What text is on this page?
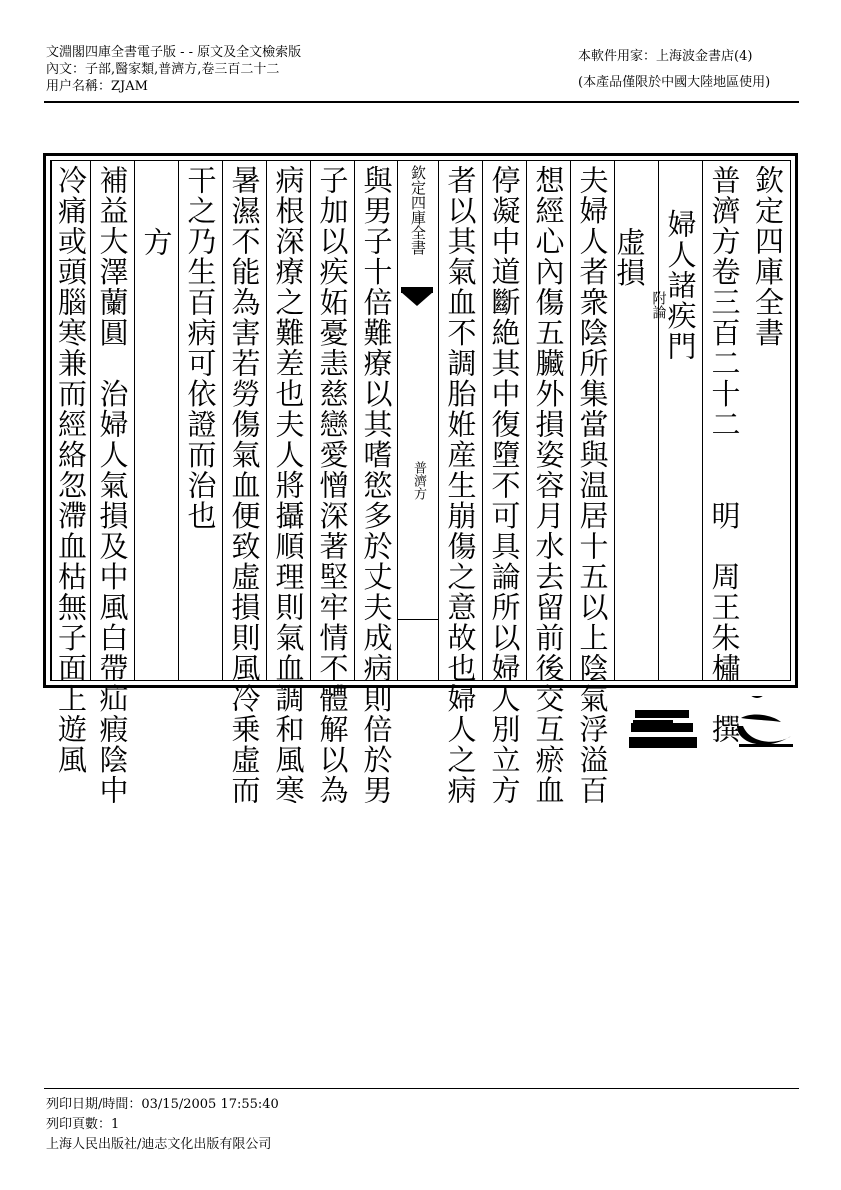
文淵閣四庫全書電子版 - - 原文及全文檢索版
內文：子部,醫家類,普濟方,卷三百二十二
用户名稱：ZJAM
本軟件用家：上海波金書店(4)
(本產品僅限於中國大陸地區使用)
欽定四庫全書
普濟方卷三百二十二　　明　周王朱橚　撰
婦人諸疾門
虚損
附論
夫婦人者衆陰所集當與温居十五以上陰氣浮溢百
想經心內傷五臟外損姿容月水去留前後交互瘀血
停凝中道斷絶其中復墮不可具論所以婦人別立方
者以其氣血不調胎姙産生崩傷之意故也婦人之病
欽定四庫全書
普濟方
與男子十倍難療以其嗜慾多於丈夫成病則倍於男
子加以疾妬憂恚慈戀愛憎深著堅牢情不體解以為
病根深療之難差也夫人將攝順理則氣血調和風寒
暑濕不能為害若勞傷氣血便致虛損則風冷乗虛而
干之乃生百病可依證而治也
方
補益大澤蘭圓　治婦人氣損及中風白帶疝瘕陰中
冷痛或頭腦寒兼而經絡忽滯血枯無子面上遊風
列印日期/時間：03/15/2005 17:55:40
列印頁數：1
上海人民出版社/迪志文化出版有限公司
